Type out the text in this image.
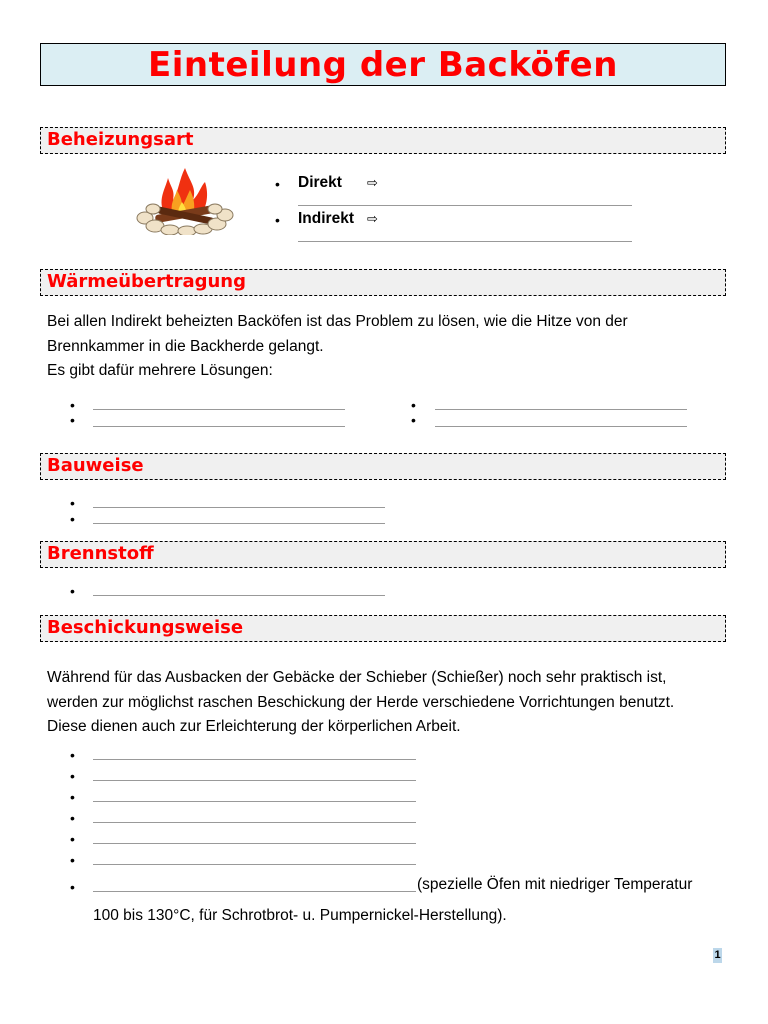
Einteilung der Backöfen
Beheizungsart
• Direkt ⇨
• Indirekt ⇨
Wärmeübertragung
Bei allen Indirekt beheizten Backöfen ist das Problem zu lösen, wie die Hitze von der
Brennkammer in die Backherde gelangt.
Es gibt dafür mehrere Lösungen:
•
•
•
•
Bauweise
•
•
Brennstoff
•
Beschickungsweise
Während für das Ausbacken der Gebäcke der Schieber (Schießer) noch sehr praktisch ist,
werden zur möglichst raschen Beschickung der Herde verschiedene Vorrichtungen benutzt.
Diese dienen auch zur Erleichterung der körperlichen Arbeit.
•
•
•
•
•
•
•	(spezielle Öfen mit niedriger Temperatur
100 bis 130°C, für Schrotbrot- u. Pumpernickel-Herstellung).
1
